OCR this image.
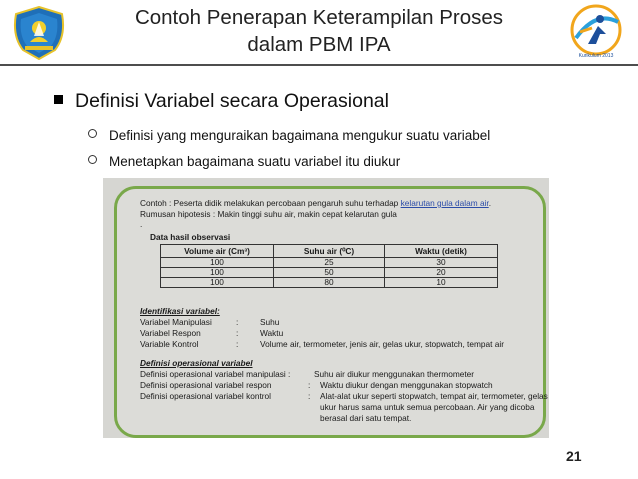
Kurikulum 2013
Contoh Penerapan Keterampilan Proses
dalam PBM IPA
Definisi Variabel secara Operasional
Definisi yang menguraikan bagaimana mengukur suatu variabel
Menetapkan bagaimana suatu variabel itu diukur
Contoh : Peserta didik melakukan percobaan pengaruh suhu terhadap kelarutan gula dalam air.
Rumusan hipotesis : Makin tinggi suhu air, makin cepat kelarutan gula
.
Data hasil observasi
Volume air (Cm³)	Suhu air (⁰C)	Waktu (detik)
100	25	30
100	50	20
100	80	10
Identifikasi variabel:
Variabel Manipulasi	:	Suhu
Variabel Respon	:	Waktu
Variable Kontrol	:	Volume air, termometer, jenis air, gelas ukur, stopwatch, tempat air
Definisi operasional variabel
Definisi operasional variabel manipulasi :	Suhu air diukur menggunakan thermometer
Definisi operasional variabel respon	: Waktu diukur dengan menggunakan stopwatch
Definisi operasional variabel kontrol	: Alat-alat ukur seperti stopwatch, tempat air, termometer, gelas
ukur harus sama untuk semua percobaan. Air yang dicoba
berasal dari satu tempat.
21
